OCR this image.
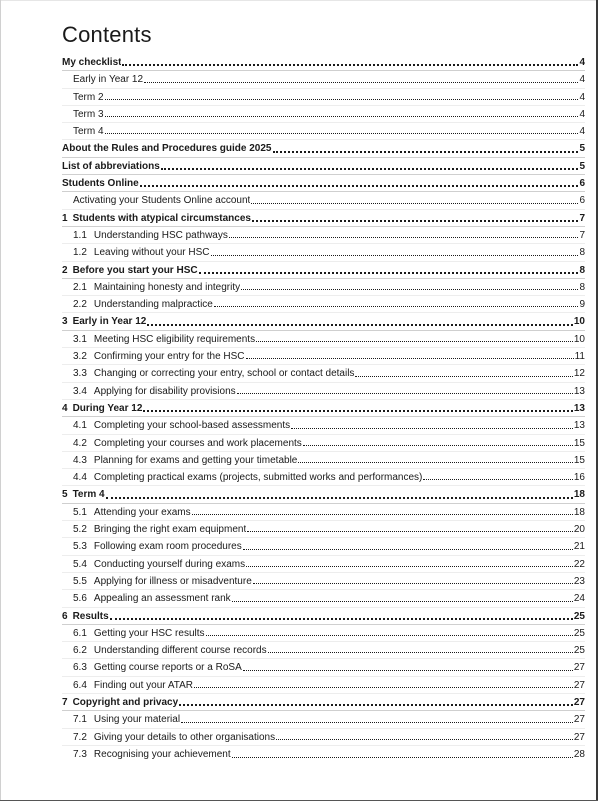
Contents
My checklist	4
Early in Year 12	4
Term 2	4
Term 3	4
Term 4	4
About the Rules and Procedures guide 2025	5
List of abbreviations	5
Students Online	6
Activating your Students Online account	6
1 Students with atypical circumstances	7
1.1 Understanding HSC pathways	7
1.2 Leaving without your HSC	8
2 Before you start your HSC	8
2.1 Maintaining honesty and integrity	8
2.2 Understanding malpractice	9
3 Early in Year 12	10
3.1 Meeting HSC eligibility requirements	10
3.2 Confirming your entry for the HSC	11
3.3 Changing or correcting your entry, school or contact details	12
3.4 Applying for disability provisions	13
4 During Year 12	13
4.1 Completing your school-based assessments	13
4.2 Completing your courses and work placements	15
4.3 Planning for exams and getting your timetable	15
4.4 Completing practical exams (projects, submitted works and performances)	16
5 Term 4	18
5.1 Attending your exams	18
5.2 Bringing the right exam equipment	20
5.3 Following exam room procedures	21
5.4 Conducting yourself during exams	22
5.5 Applying for illness or misadventure	23
5.6 Appealing an assessment rank	24
6 Results	25
6.1 Getting your HSC results	25
6.2 Understanding different course records	25
6.3 Getting course reports or a RoSA	27
6.4 Finding out your ATAR	27
7 Copyright and privacy	27
7.1 Using your material	27
7.2 Giving your details to other organisations	27
7.3 Recognising your achievement	28
